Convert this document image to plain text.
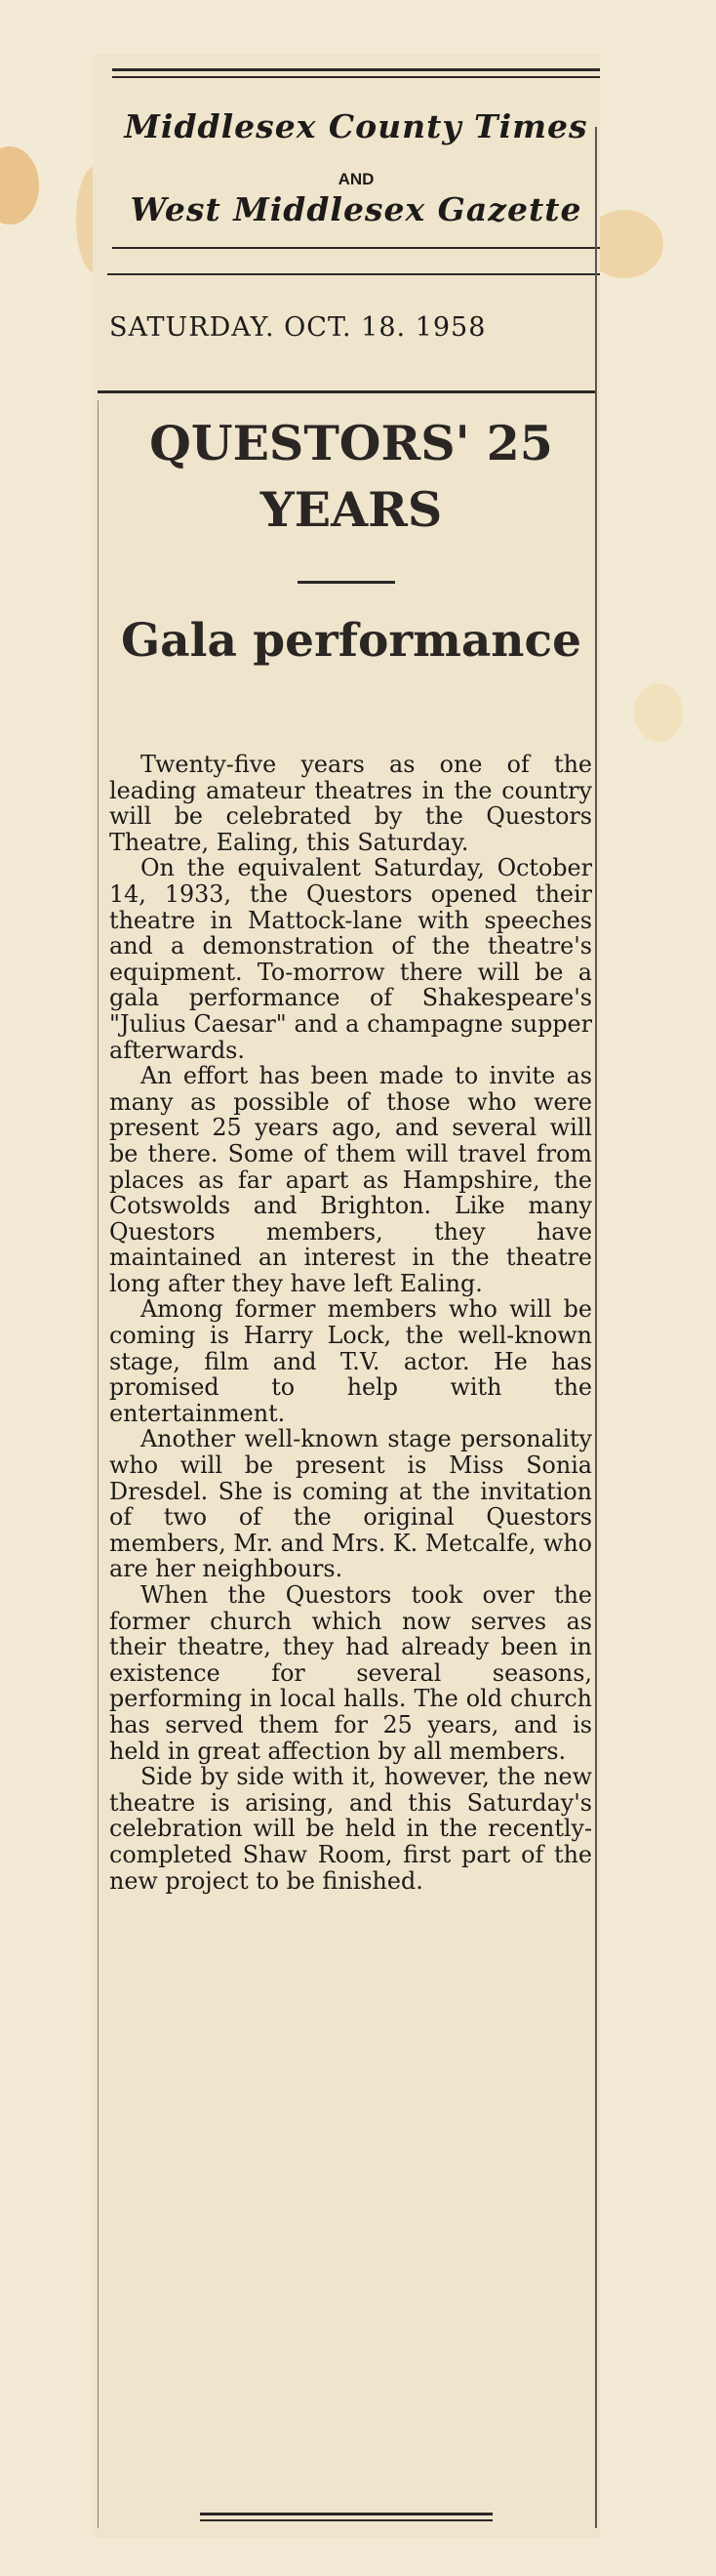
Middlesex County Times
AND
West Middlesex Gazette
SATURDAY. OCT. 18. 1958
QUESTORS' 25 YEARS
Gala performance

Twenty-five years as one of the leading amateur theatres in the country will be celebrated by the Questors Theatre, Ealing, this Saturday.

On the equivalent Saturday, October 14, 1933, the Questors opened their theatre in Mattock-lane with speeches and a demonstration of the theatre's equipment. To-morrow there will be a gala performance of Shakespeare's "Julius Caesar" and a champagne supper afterwards.

An effort has been made to invite as many as possible of those who were present 25 years ago, and several will be there. Some of them will travel from places as far apart as Hampshire, the Cotswolds and Brighton. Like many Questors members, they have maintained an interest in the theatre long after they have left Ealing.

Among former members who will be coming is Harry Lock, the well-known stage, film and T.V. actor. He has promised to help with the entertainment.

Another well-known stage personality who will be present is Miss Sonia Dresdel. She is coming at the invitation of two of the original Questors members, Mr. and Mrs. K. Metcalfe, who are her neighbours.

When the Questors took over the former church which now serves as their theatre, they had already been in existence for several seasons, performing in local halls. The old church has served them for 25 years, and is held in great affection by all members.

Side by side with it, however, the new theatre is arising, and this Saturday's celebration will be held in the recently-completed Shaw Room, first part of the new project to be finished.
